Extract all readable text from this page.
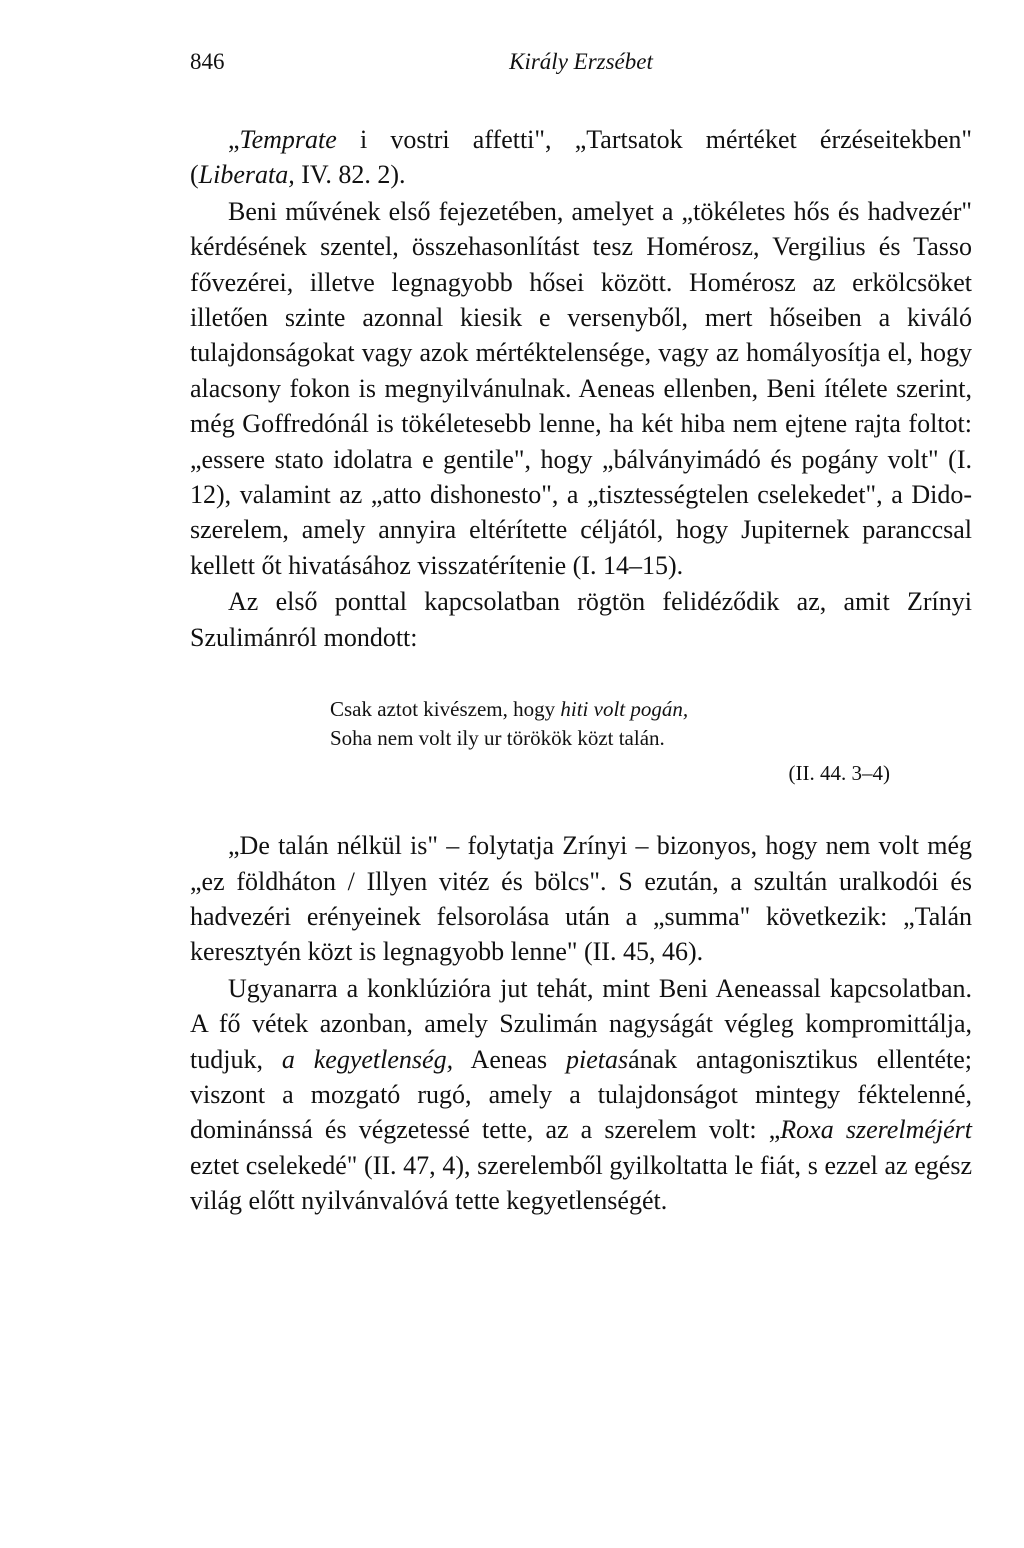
846	Király Erzsébet

„Temprate i vostri affetti", „Tartsatok mértéket érzéseitekben" (Liberata, IV. 82. 2).

Beni művének első fejezetében, amelyet a „tökéletes hős és hadvezér" kérdésének szentel, összehasonlítást tesz Homérosz, Vergilius és Tasso fővezérei, illetve legnagyobb hősei között. Homérosz az erkölcsöket illetően szinte azonnal kiesik e versenyből, mert hőseiben a kiváló tulajdonságokat vagy azok mértéktelensége, vagy az homályosítja el, hogy alacsony fokon is megnyilvánulnak. Aeneas ellenben, Beni ítélete szerint, még Goffredónál is tökéletesebb lenne, ha két hiba nem ejtene rajta foltot: „essere stato idolatra e gentile", hogy „bálványimádó és pogány volt" (I. 12), valamint az „atto dishonesto", a „tisztességtelen cselekedet", a Dido-szerelem, amely annyira eltérítette céljától, hogy Jupiternek paranccsal kellett őt hivatásához visszatérítenie (I. 14–15).

Az első ponttal kapcsolatban rögtön felidéződik az, amit Zrínyi Szulimánról mondott:

Csak aztot kivészem, hogy hiti volt pogán,
Soha nem volt ily ur törökök közt talán.
(II. 44. 3–4)

„De talán nélkül is" – folytatja Zrínyi – bizonyos, hogy nem volt még „ez földháton / Illyen vitéz és bölcs". S ezután, a szultán uralkodói és hadvezéri erényeinek felsorolása után a „summa" következik: „Talán keresztyén közt is legnagyobb lenne" (II. 45, 46).

Ugyanarra a konklúzióra jut tehát, mint Beni Aeneassal kapcsolatban. A fő vétek azonban, amely Szulimán nagyságát végleg kompromittálja, tudjuk, a kegyetlenség, Aeneas pietasának antagonisztikus ellentéte; viszont a mozgató rugó, amely a tulajdonságot mintegy féktelenné, dominánssá és végzetessé tette, az a szerelem volt: „Roxa szerelméjért eztet cselekedé" (II. 47, 4), szerelemből gyilkoltatta le fiát, s ezzel az egész világ előtt nyilvánvalóvá tette kegyetlenségét.
